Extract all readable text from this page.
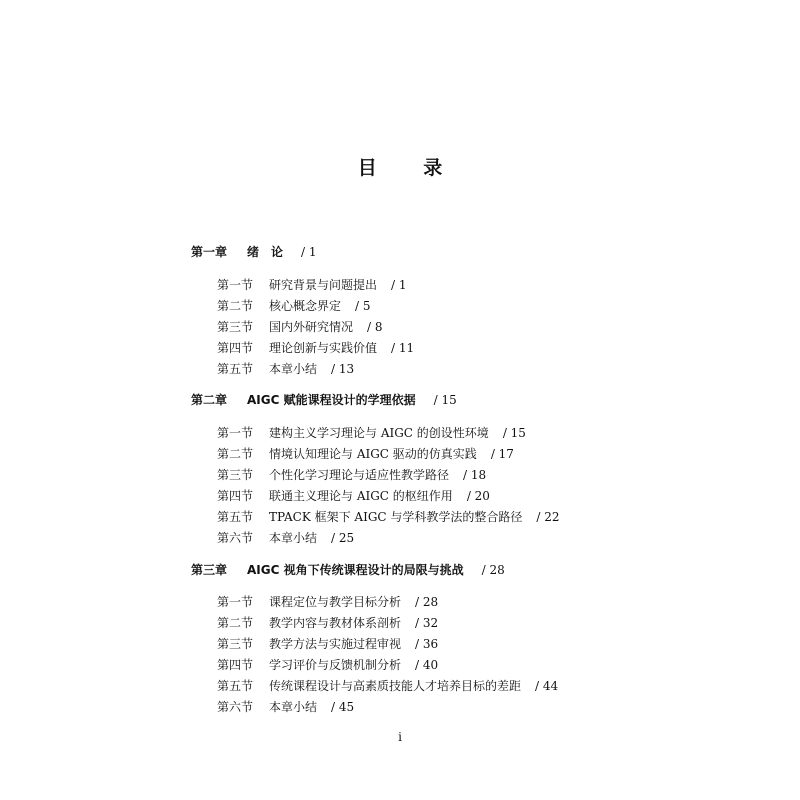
目 录
第一章 绪　论 / 1
第一节 研究背景与问题提出 / 1
第二节 核心概念界定 / 5
第三节 国内外研究情况 / 8
第四节 理论创新与实践价值 / 11
第五节 本章小结 / 13
第二章 AIGC 赋能课程设计的学理依据 / 15
第一节 建构主义学习理论与 AIGC 的创设性环境 / 15
第二节 情境认知理论与 AIGC 驱动的仿真实践 / 17
第三节 个性化学习理论与适应性教学路径 / 18
第四节 联通主义理论与 AIGC 的枢纽作用 / 20
第五节 TPACK 框架下 AIGC 与学科教学法的整合路径 / 22
第六节 本章小结 / 25
第三章 AIGC 视角下传统课程设计的局限与挑战 / 28
第一节 课程定位与教学目标分析 / 28
第二节 教学内容与教材体系剖析 / 32
第三节 教学方法与实施过程审视 / 36
第四节 学习评价与反馈机制分析 / 40
第五节 传统课程设计与高素质技能人才培养目标的差距 / 44
第六节 本章小结 / 45
i
